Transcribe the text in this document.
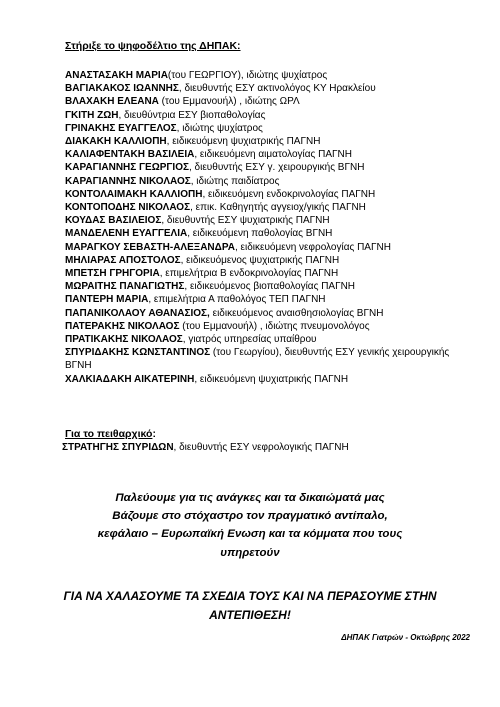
Στήριξε το ψηφοδέλτιο της ΔΗΠΑΚ:
ΑΝΑΣΤΑΣΑΚΗ ΜΑΡΙΑ(του ΓΕΩΡΓΙΟΥ), ιδιώτης ψυχίατρος
ΒΑΓΙΑΚΑΚΟΣ ΙΩΑΝΝΗΣ, διευθυντής ΕΣΥ ακτινολόγος ΚΥ Ηρακλείου
ΒΛΑΧΑΚΗ ΕΛΕΑΝΑ (του Εμμανουήλ) , ιδιώτης ΩΡΛ
ΓΚΙΤΗ ΖΩΗ, διευθύντρια ΕΣΥ βιοπαθολογίας
ΓΡΙΝΑΚΗΣ ΕΥΑΓΓΕΛΟΣ, ιδιώτης ψυχίατρος
ΔΙΑΚΑΚΗ ΚΑΛΛΙΟΠΗ, ειδικευόμενη ψυχιατρικής ΠΑΓΝΗ
ΚΑΛΙΑΦΕΝΤΑΚΗ ΒΑΣΙΛΕΙΑ, ειδικευόμενη αιματολογίας ΠΑΓΝΗ
ΚΑΡΑΓΙΑΝΝΗΣ ΓΕΩΡΓΙΟΣ, διευθυντής ΕΣΥ γ. χειρουργικής ΒΓΝΗ
ΚΑΡΑΓΙΑΝΝΗΣ ΝΙΚΟΛΑΟΣ, ιδιώτης παιδίατρος
ΚΟΝΤΟΛΑΙΜΑΚΗ ΚΑΛΛΙΟΠΗ, ειδικευόμενη ενδοκρινολογίας ΠΑΓΝΗ
ΚΟΝΤΟΠΟΔΗΣ ΝΙΚΟΛΑΟΣ, επικ. Καθηγητής αγγειοχ/γικής ΠΑΓΝΗ
ΚΟΥΔΑΣ ΒΑΣΙΛΕΙΟΣ, διευθυντής ΕΣΥ ψυχιατρικής ΠΑΓΝΗ
ΜΑΝΔΕΛΕΝΗ ΕΥΑΓΓΕΛΙΑ, ειδικευόμενη παθολογίας ΒΓΝΗ
ΜΑΡΑΓΚΟΥ ΣΕΒΑΣΤΗ-ΑΛΕΞΑΝΔΡΑ, ειδικευόμενη νεφρολογίας ΠΑΓΝΗ
ΜΗΛΙΑΡΑΣ ΑΠΟΣΤΟΛΟΣ, ειδικευόμενος ψυχιατρικής ΠΑΓΝΗ
ΜΠΕΤΣΗ ΓΡΗΓΟΡΙΑ, επιμελήτρια Β ενδοκρινολογίας ΠΑΓΝΗ
ΜΩΡΑΙΤΗΣ ΠΑΝΑΓΙΩΤΗΣ, ειδικευόμενος βιοπαθολογίας ΠΑΓΝΗ
ΠΑΝΤΕΡΗ ΜΑΡΙΑ, επιμελήτρια Α παθολόγος ΤΕΠ ΠΑΓΝΗ
ΠΑΠΑΝΙΚΟΛΑΟΥ ΑΘΑΝΑΣΙΟΣ, ειδικευόμενος αναισθησιολογίας ΒΓΝΗ
ΠΑΤΕΡΑΚΗΣ ΝΙΚΟΛΑΟΣ (του Εμμανουήλ) , ιδιώτης πνευμονολόγος
ΠΡΑΤΙΚΑΚΗΣ ΝΙΚΟΛΑΟΣ, γιατρός υπηρεσίας υπαίθρου
ΣΠΥΡΙΔΑΚΗΣ ΚΩΝΣΤΑΝΤΙΝΟΣ (του Γεωργίου), διευθυντής ΕΣΥ γενικής χειρουργικής ΒΓΝΗ
ΧΑΛΚΙΑΔΑΚΗ ΑΙΚΑΤΕΡΙΝΗ, ειδικευόμενη ψυχιατρικής ΠΑΓΝΗ
Για το πειθαρχικό:
ΣΤΡΑΤΗΓΗΣ ΣΠΥΡΙΔΩΝ, διευθυντής ΕΣΥ νεφρολογικής ΠΑΓΝΗ
Παλεύουμε για τις ανάγκες και τα δικαιώματά μας
Βάζουμε στο στόχαστρο τον πραγματικό αντίπαλο,
κεφάλαιο – Ευρωπαϊκή Ενωση και τα κόμματα που τους
υπηρετούν
ΓΙΑ ΝΑ ΧΑΛΑΣΟΥΜΕ ΤΑ ΣΧΕΔΙΑ ΤΟΥΣ ΚΑΙ ΝΑ ΠΕΡΑΣΟΥΜΕ ΣΤΗΝ
ΑΝΤΕΠΙΘΕΣΗ!
ΔΗΠΑΚ Γιατρών - Οκτώβρης 2022
